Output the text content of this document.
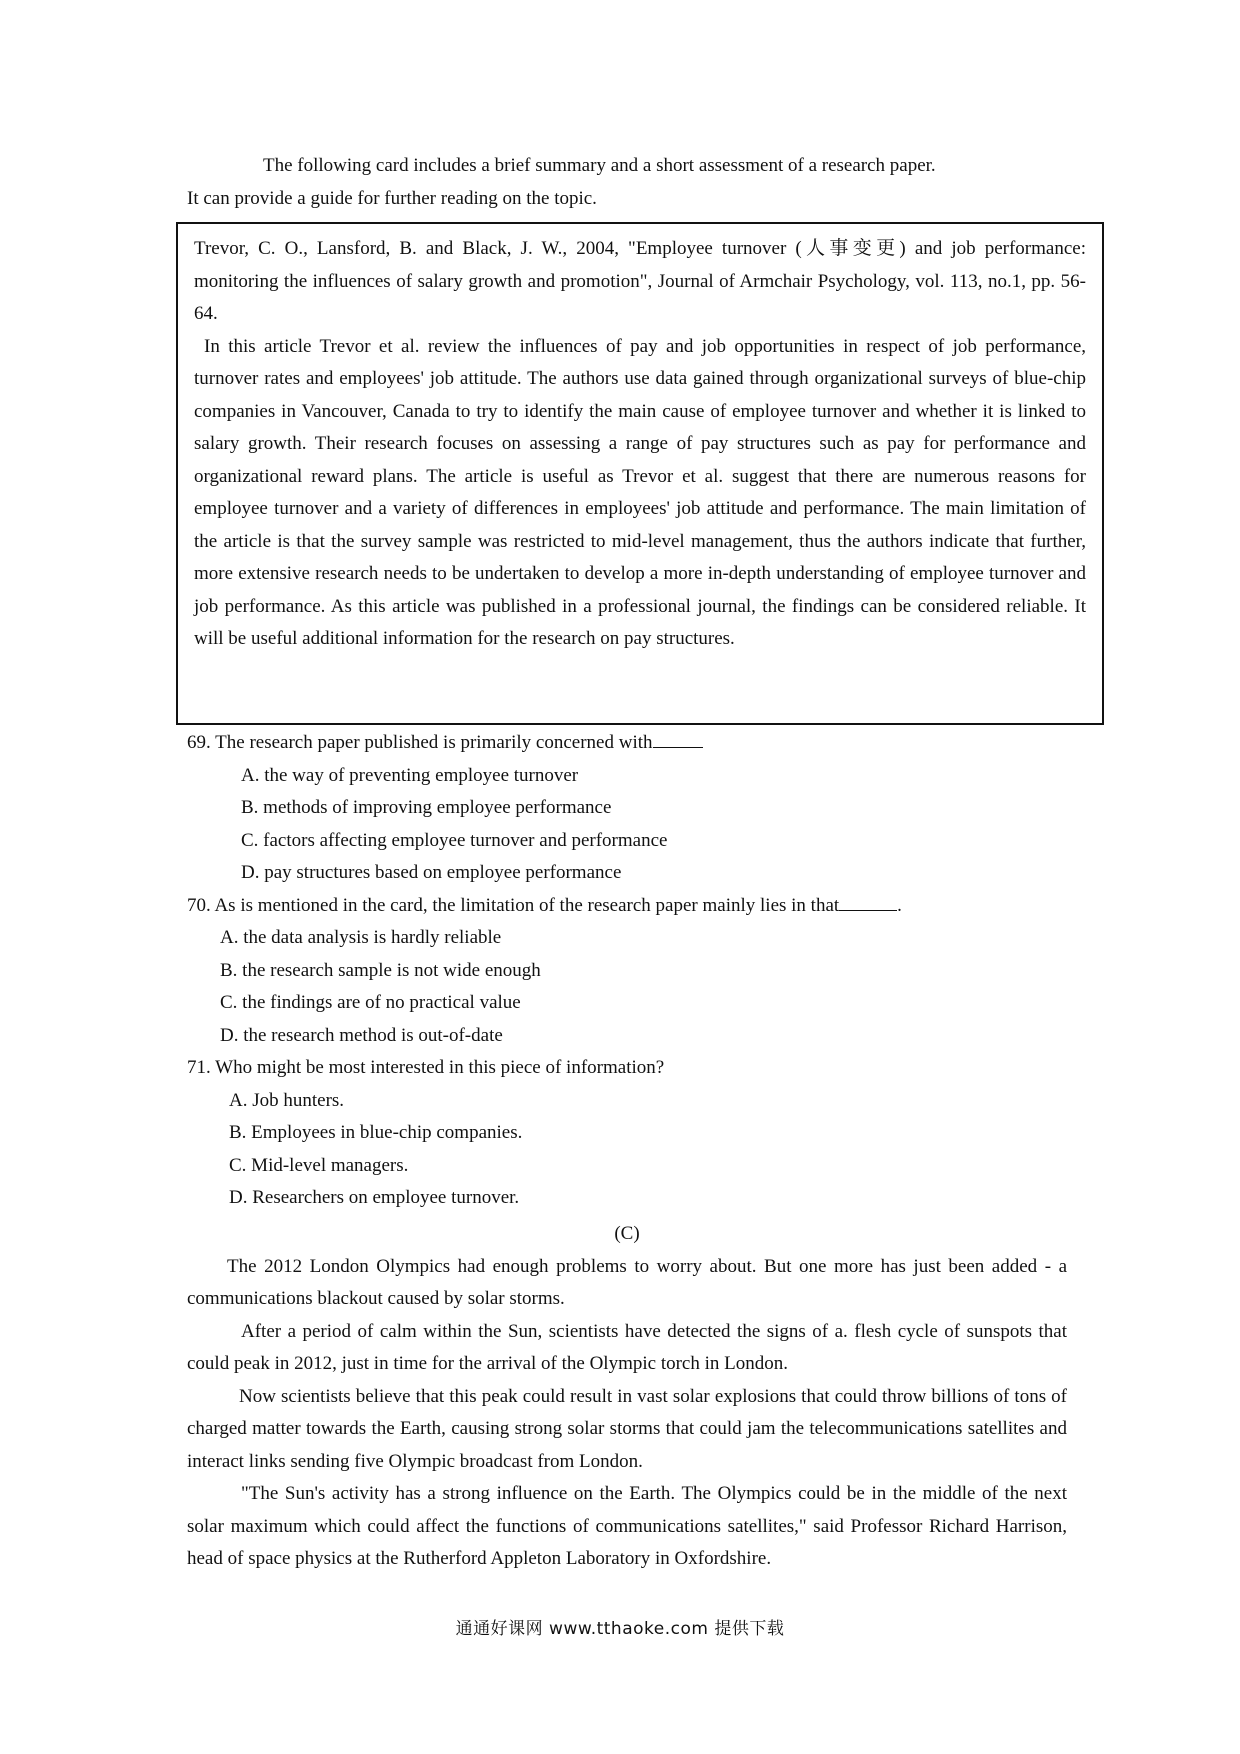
The following card includes a brief summary and a short assessment of a research paper.

It can provide a guide for further reading on the topic.

Trevor, C. O., Lansford, B. and Black, J. W., 2004, "Employee turnover (人事变更) and job performance: monitoring the influences of salary growth and promotion", Journal of Armchair Psychology, vol. 113, no.1, pp. 56-64.

In this article Trevor et al. review the influences of pay and job opportunities in respect of job performance, turnover rates and employees' job attitude. The authors use data gained through organizational surveys of blue-chip companies in Vancouver, Canada to try to identify the main cause of employee turnover and whether it is linked to salary growth. Their research focuses on assessing a range of pay structures such as pay for performance and organizational reward plans. The article is useful as Trevor et al. suggest that there are numerous reasons for employee turnover and a variety of differences in employees' job attitude and performance. The main limitation of the article is that the survey sample was restricted to mid-level management, thus the authors indicate that further, more extensive research needs to be undertaken to develop a more in-depth understanding of employee turnover and job performance. As this article was published in a professional journal, the findings can be considered reliable. It will be useful additional information for the research on pay structures.

69. The research paper published is primarily concerned with

A. the way of preventing employee turnover

B. methods of improving employee performance

C. factors affecting employee turnover and performance

D. pay structures based on employee performance

70. As is mentioned in the card, the limitation of the research paper mainly lies in that	.

A. the data analysis is hardly reliable

B. the research sample is not wide enough

C. the findings are of no practical value

D. the research method is out-of-date

71. Who might be most interested in this piece of information?

A. Job hunters.

B. Employees in blue-chip companies.

C. Mid-level managers.

D. Researchers on employee turnover.

(C)

The 2012 London Olympics had enough problems to worry about. But one more has just been added - a communications blackout caused by solar storms.

After a period of calm within the Sun, scientists have detected the signs of a. flesh cycle of sunspots that could peak in 2012, just in time for the arrival of the Olympic torch in London.

Now scientists believe that this peak could result in vast solar explosions that could throw billions of tons of charged matter towards the Earth, causing strong solar storms that could jam the telecommunications satellites and interact links sending five Olympic broadcast from London.

"The Sun's activity has a strong influence on the Earth. The Olympics could be in the middle of the next solar maximum which could affect the functions of communications satellites," said Professor Richard Harrison, head of space physics at the Rutherford Appleton Laboratory in Oxfordshire.

通通好课网 www.tthaoke.com 提供下载
